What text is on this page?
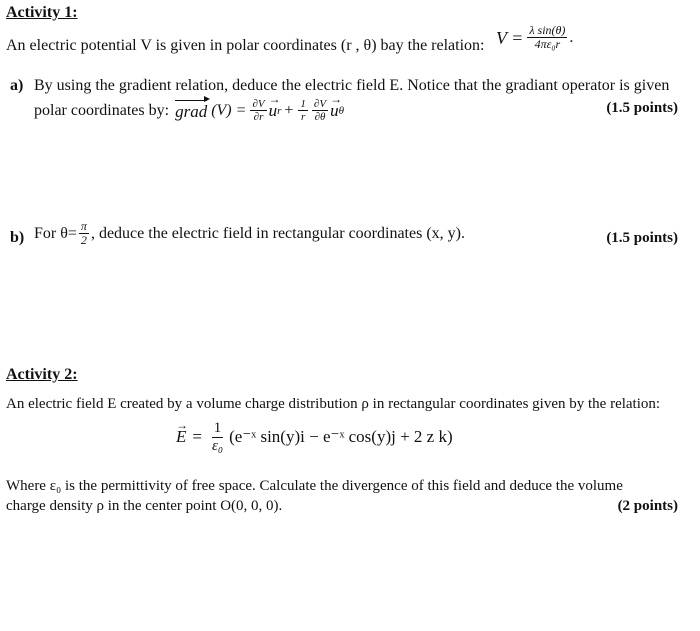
Activity 1:
An electric potential V is given in polar coordinates (r , θ) bay the relation: $V = \frac{\text{λ sin(θ)}}{\text{4πε₀r}}$ .
a) By using the gradient relation, deduce the electric field E. Notice that the gradiant operator is given
polar coordinates by: grad $(V) = \frac{\partial V}{\partial r}$
→ u $r + \frac{1}{r} \frac{\partial V}{\partial\theta}$
→ u θ	(1.5 points)
b) For $\theta= \frac{\pi}{2}$ , deduce the electric field in rectangular coordinates (x, y).	(1.5 points)
Activity 2:
An electric field E created by a volume charge distribution ρ in rectangular coordinates given by the relation:
→ $E = \frac{1}{\text{ε₀}}$ (e⁻ˣ sin(y)i − e⁻ˣ cos(y)j + 2 z k)
Where ε₀ is the permittivity of free space. Calculate the divergence of this field and deduce the volume
charge density ρ in the center point O(0, 0, 0).	(2 points)
